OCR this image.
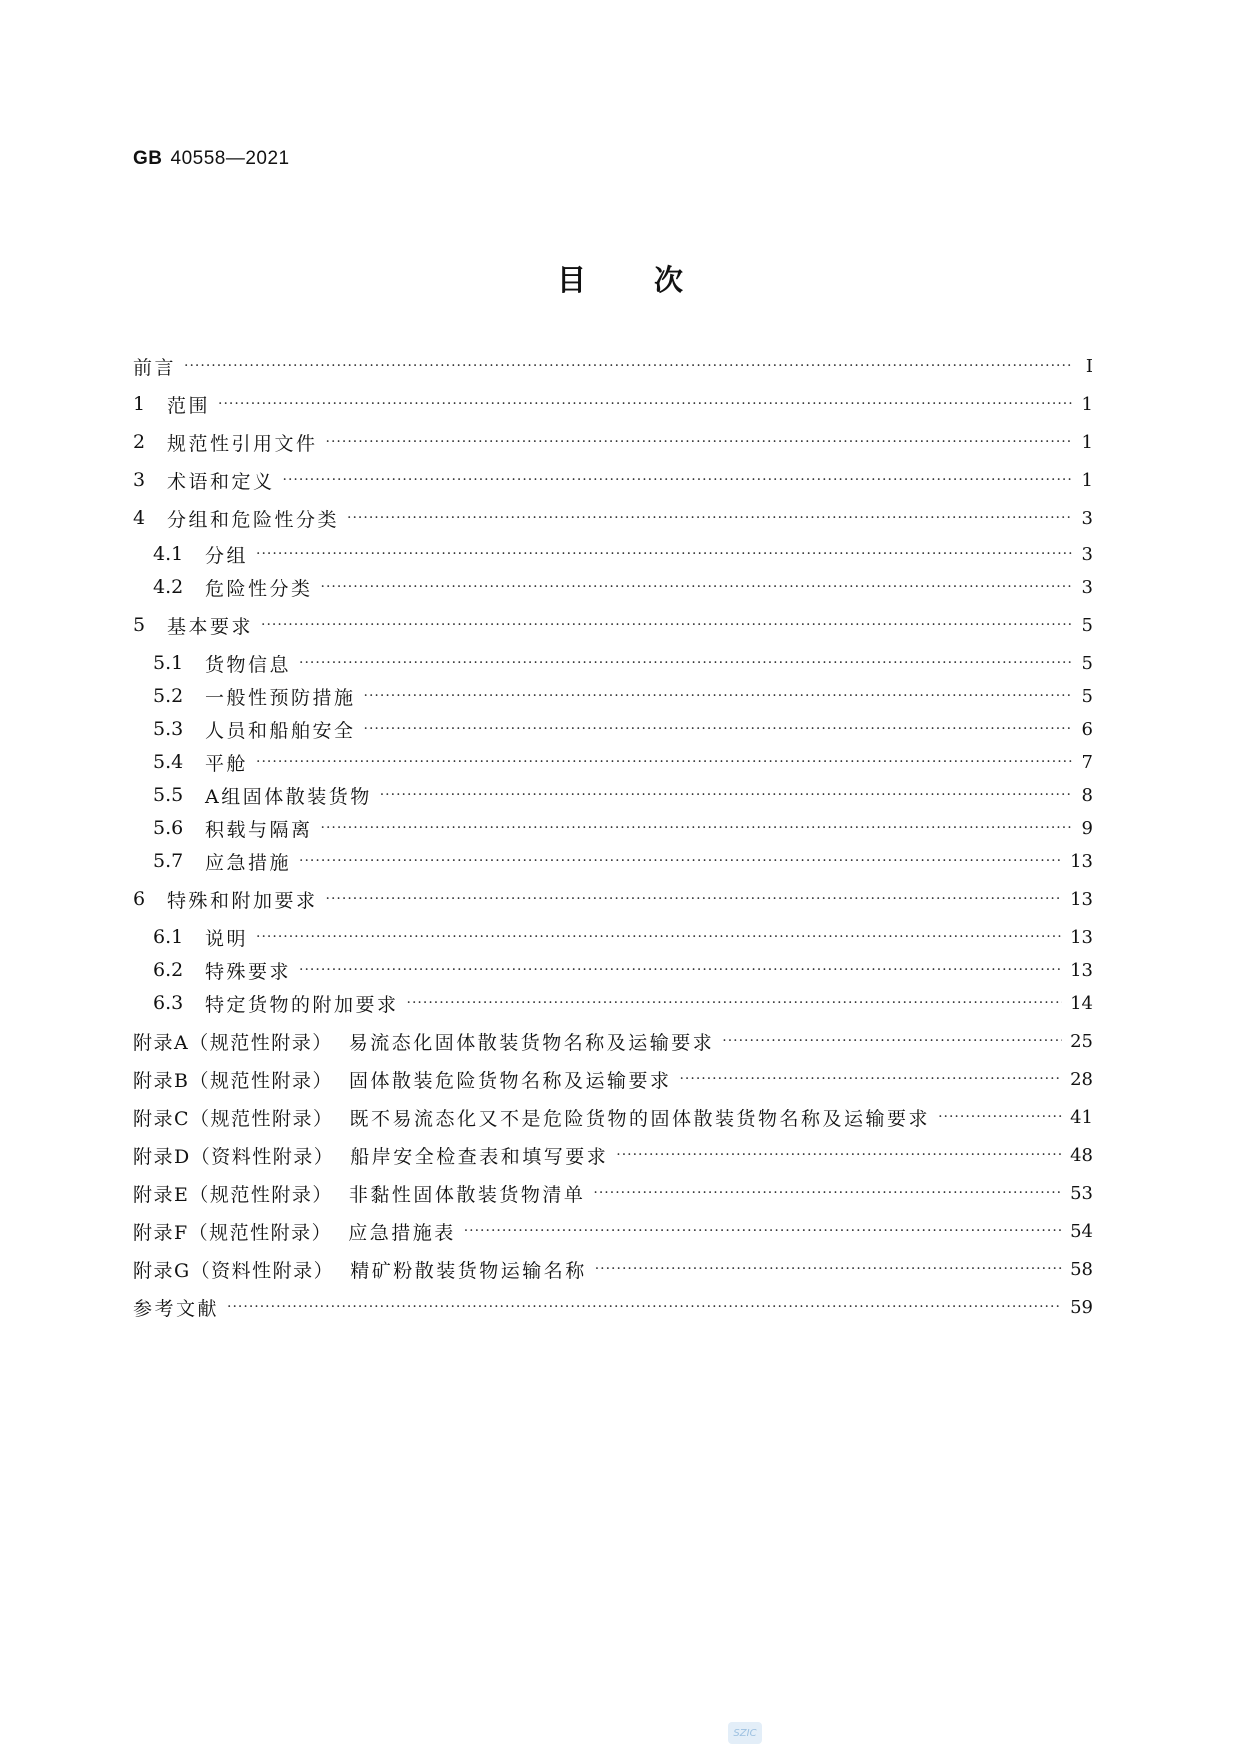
GB 40558—2021
目 次
前言 ·····	Ⅰ
1	范围 ·····	1
2	规范性引用文件 ·····	1
3	术语和定义 ·····	1
4	分组和危险性分类 ·····	3
4.1	分组 ·····	3
4.2	危险性分类 ·····	3
5	基本要求 ·····	5
5.1	货物信息 ·····	5
5.2	一般性预防措施 ·····	5
5.3	人员和船舶安全 ·····	6
5.4	平舱 ·····	7
5.5	A组固体散装货物 ·····	8
5.6	积载与隔离 ·····	9
5.7	应急措施 ·····	13
6	特殊和附加要求 ·····	13
6.1	说明 ·····	13
6.2	特殊要求 ·····	13
6.3	特定货物的附加要求 ·····	14
附录A（规范性附录） 易流态化固体散装货物名称及运输要求 ·····	25
附录B（规范性附录） 固体散装危险货物名称及运输要求 ·····	28
附录C（规范性附录） 既不易流态化又不是危险货物的固体散装货物名称及运输要求 ·····	41
附录D（资料性附录） 船岸安全检查表和填写要求 ·····	48
附录E（规范性附录） 非黏性固体散装货物清单 ·····	53
附录F（规范性附录） 应急措施表 ·····	54
附录G（资料性附录） 精矿粉散装货物运输名称 ·····	58
参考文献 ·····	59
SZIC
